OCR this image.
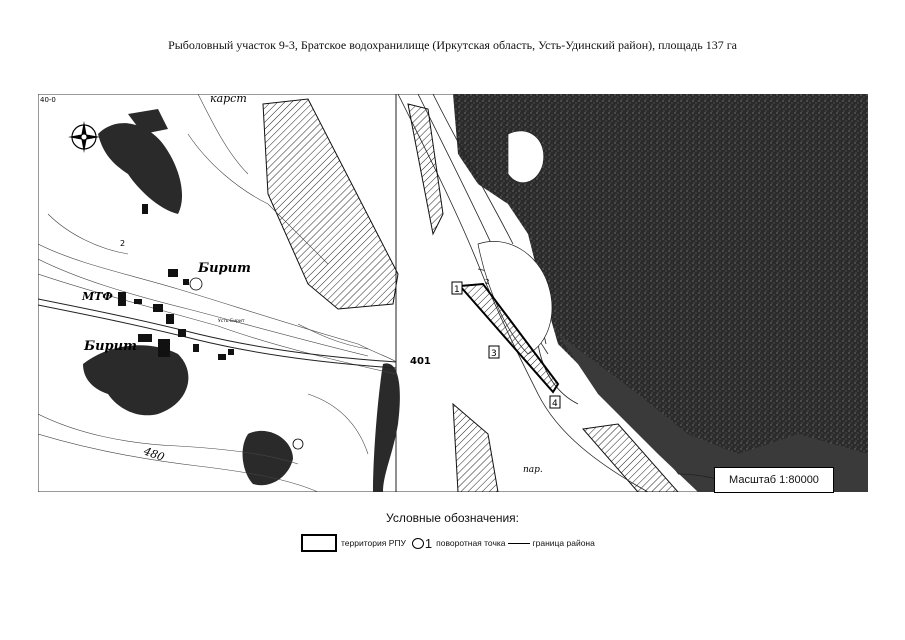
Рыболовный участок 9-3, Братское водохранилище (Иркутская область, Усть-Удинский район), площадь 137 га
1
3
4
2
карст
Бирит
МТФ
Бирит
480
401
мергл.аг.
пар.
2
40-0
Усть-Бирит
Масштаб 1:80000
Условные обозначения:
территория РПУ 1 поворотная точка	граница района
